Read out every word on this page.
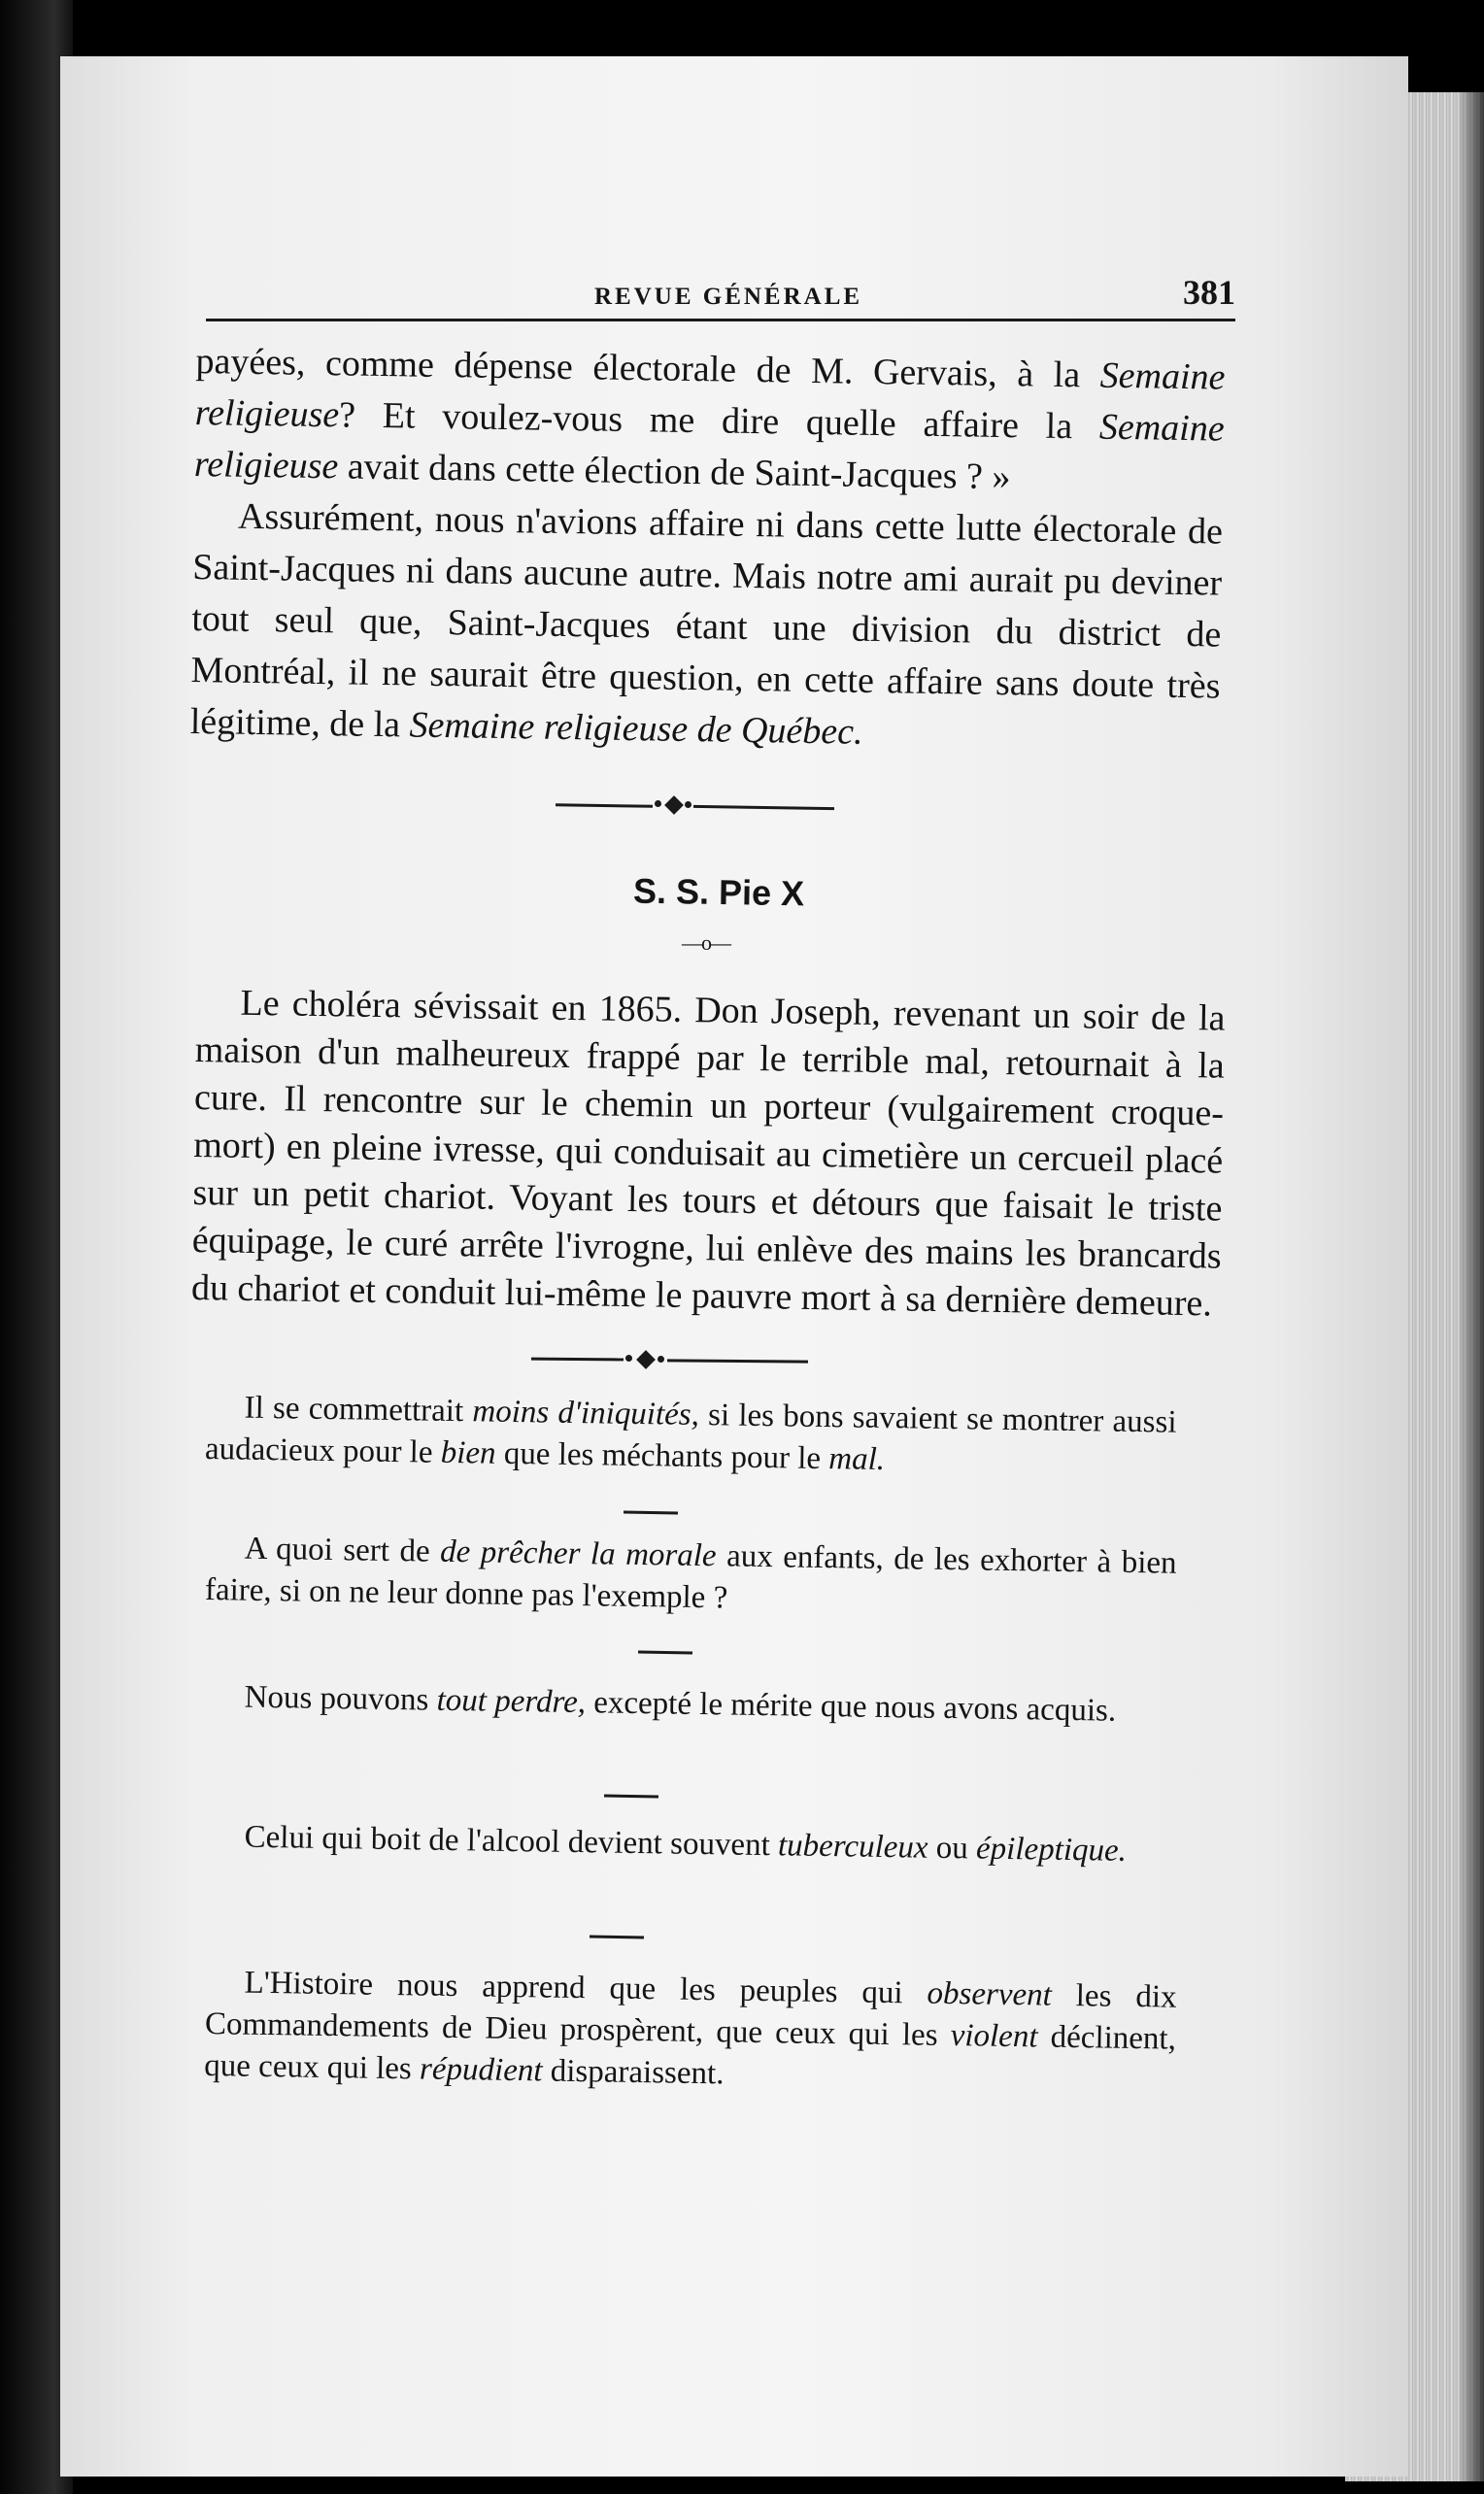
REVUE GÉNÉRALE	381

payées, comme dépense électorale de M. Gervais, à la Semaine religieuse? Et voulez-vous me dire quelle affaire la Semaine religieuse avait dans cette élection de Saint-Jacques ? »

Assurément, nous n'avions affaire ni dans cette lutte électorale de Saint-Jacques ni dans aucune autre. Mais notre ami aurait pu deviner tout seul que, Saint-Jacques étant une division du district de Montréal, il ne saurait être question, en cette affaire sans doute très légitime, de la Semaine religieuse de Québec.

S. S. Pie X
—o—

Le choléra sévissait en 1865. Don Joseph, revenant un soir de la maison d'un malheureux frappé par le terrible mal, retournait à la cure. Il rencontre sur le chemin un porteur (vulgairement croque-mort) en pleine ivresse, qui conduisait au cimetière un cercueil placé sur un petit chariot. Voyant les tours et détours que faisait le triste équipage, le curé arrête l'ivrogne, lui enlève des mains les brancards du chariot et conduit lui-même le pauvre mort à sa dernière demeure.

Il se commettrait moins d'iniquités, si les bons savaient se montrer aussi audacieux pour le bien que les méchants pour le mal.

A quoi sert de de prêcher la morale aux enfants, de les exhorter à bien faire, si on ne leur donne pas l'exemple ?

Nous pouvons tout perdre, excepté le mérite que nous avons acquis.

Celui qui boit de l'alcool devient souvent tuberculeux ou épileptique.

L'Histoire nous apprend que les peuples qui observent les dix Commandements de Dieu prospèrent, que ceux qui les violent déclinent, que ceux qui les répudient disparaissent.
